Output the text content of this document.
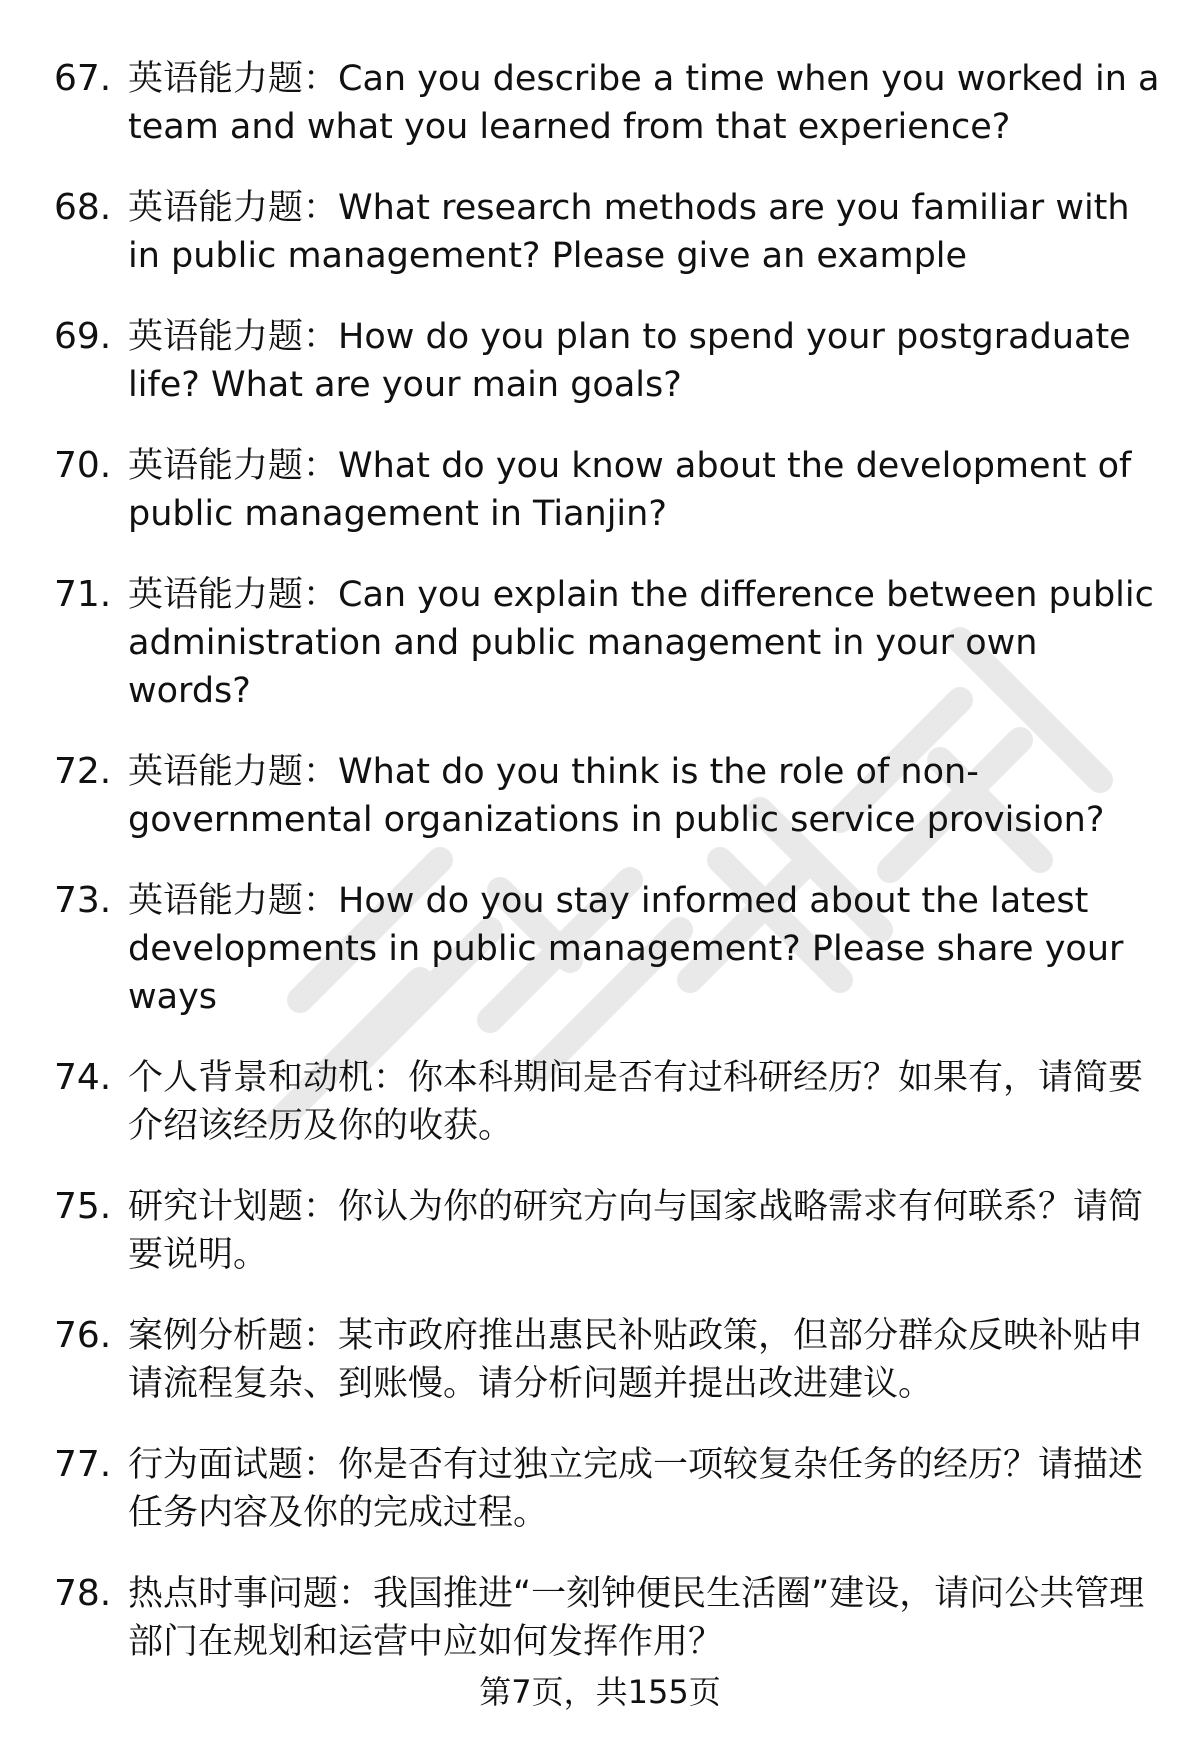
67. 英语能力题：Can you describe a time when you worked in a team and what you learned from that experience?
68. 英语能力题：What research methods are you familiar with in public management? Please give an example
69. 英语能力题：How do you plan to spend your postgraduate life? What are your main goals?
70. 英语能力题：What do you know about the development of public management in Tianjin?
71. 英语能力题：Can you explain the difference between public administration and public management in your own words?
72. 英语能力题：What do you think is the role of non-governmental organizations in public service provision?
73. 英语能力题：How do you stay informed about the latest developments in public management? Please share your ways
74. 个人背景和动机：你本科期间是否有过科研经历？如果有，请简要介绍该经历及你的收获。
75. 研究计划题：你认为你的研究方向与国家战略需求有何联系？请简要说明。
76. 案例分析题：某市政府推出惠民补贴政策，但部分群众反映补贴申请流程复杂、到账慢。请分析问题并提出改进建议。
77. 行为面试题：你是否有过独立完成一项较复杂任务的经历？请描述任务内容及你的完成过程。
78. 热点时事问题：我国推进“一刻钟便民生活圈”建设，请问公共管理部门在规划和运营中应如何发挥作用？
第7页，共155页
